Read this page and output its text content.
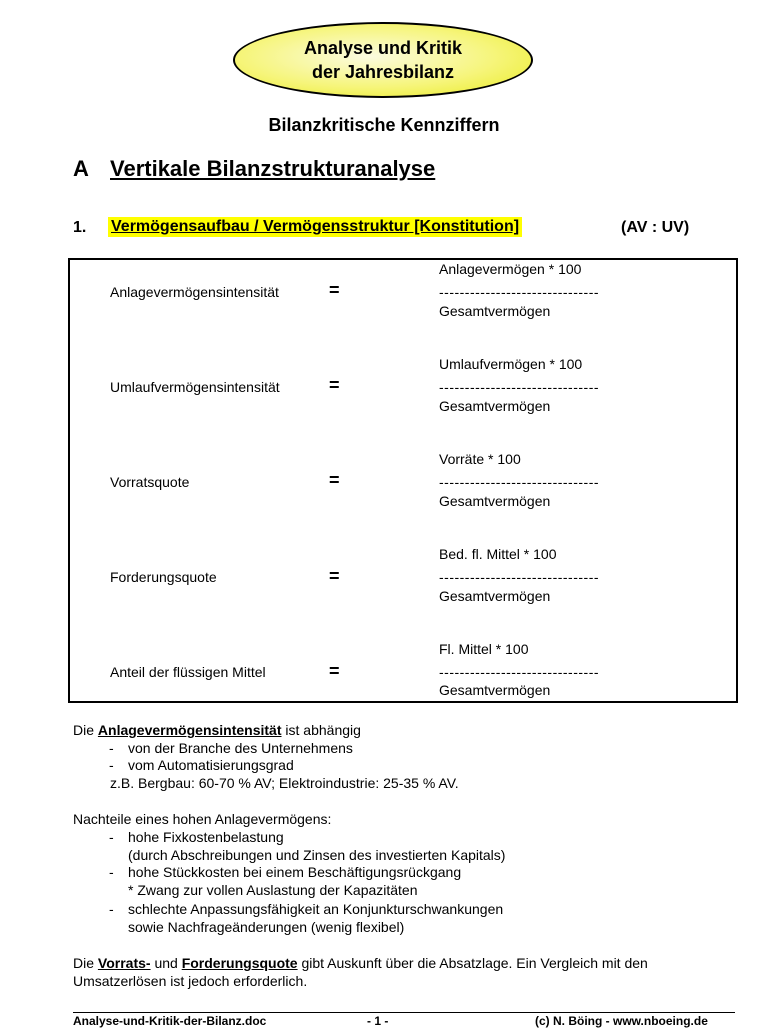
Analyse und Kritik
der Jahresbilanz
Bilanzkritische Kennziffern
A Vertikale Bilanzstrukturanalyse
1. Vermögensaufbau / Vermögensstruktur [Konstitution]	(AV : UV)
Anlagevermögensintensität	=
Anlagevermögen * 100
-------------------------------
Gesamtvermögen
Umlaufvermögensintensität	=
Umlaufvermögen * 100
-------------------------------
Gesamtvermögen
Vorratsquote	=
Vorräte * 100
-------------------------------
Gesamtvermögen
Forderungsquote	=
Bed. fl. Mittel * 100
-------------------------------
Gesamtvermögen
Anteil der flüssigen Mittel	=
Fl. Mittel * 100
-------------------------------
Gesamtvermögen
Die Anlagevermögensintensität ist abhängig
- von der Branche des Unternehmens
- vom Automatisierungsgrad
z.B. Bergbau: 60-70 % AV; Elektroindustrie: 25-35 % AV.
Nachteile eines hohen Anlagevermögens:
- hohe Fixkostenbelastung
(durch Abschreibungen und Zinsen des investierten Kapitals)
- hohe Stückkosten bei einem Beschäftigungsrückgang
* Zwang zur vollen Auslastung der Kapazitäten
- schlechte Anpassungsfähigkeit an Konjunkturschwankungen
sowie Nachfrageänderungen (wenig flexibel)
Die Vorrats- und Forderungsquote gibt Auskunft über die Absatzlage. Ein Vergleich mit den
Umsatzerlösen ist jedoch erforderlich.
Analyse-und-Kritik-der-Bilanz.doc	- 1 -	(c) N. Böing - www.nboeing.de
